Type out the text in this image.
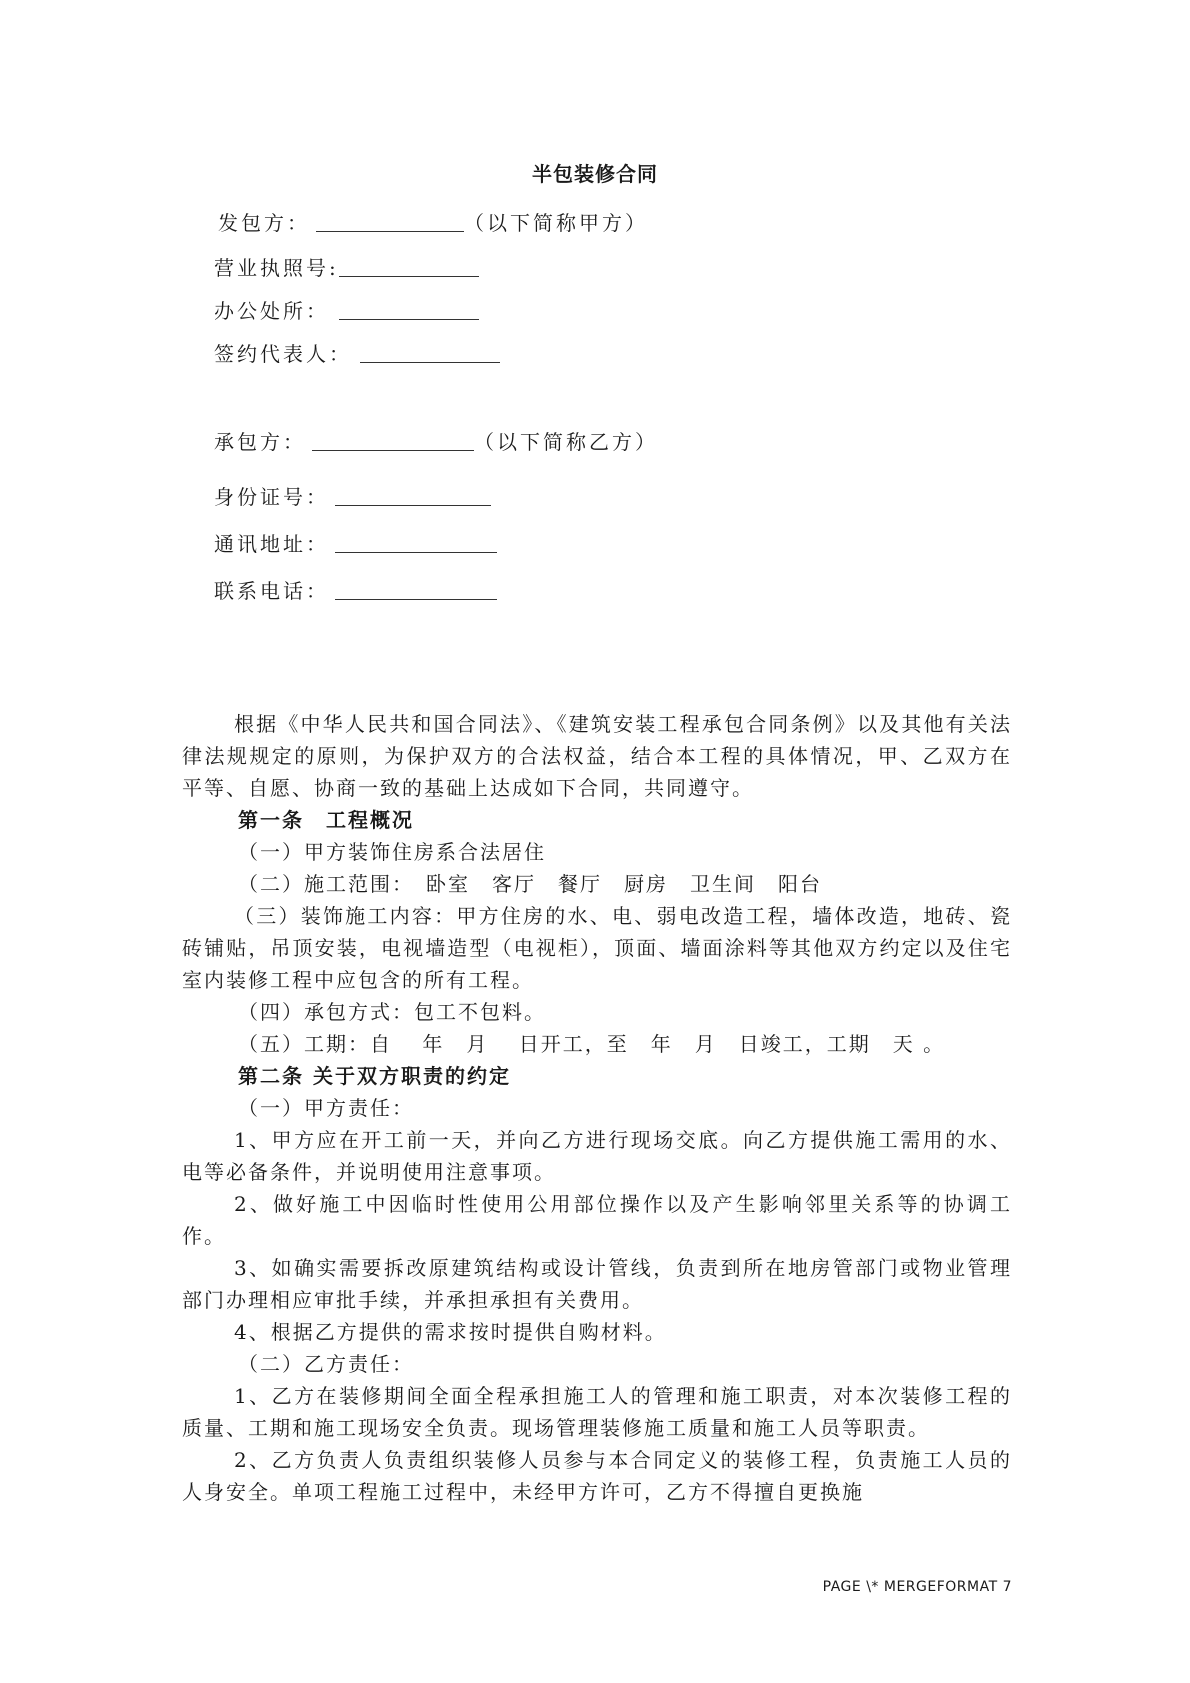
半包装修合同
发包方：	（以下简称甲方）
营业执照号:
办公处所：
签约代表人：
承包方：	（以下简称乙方）
身份证号：
通讯地址：
联系电话：

根据《中华人民共和国合同法》、《建筑安装工程承包合同条例》以及其他有关法律法规规定的原则，为保护双方的合法权益，结合本工程的具体情况，甲、乙双方在平等、自愿、协商一致的基础上达成如下合同，共同遵守。

第一条　工程概况

（一）甲方装饰住房系合法居住

（二）施工范围：　卧室　客厅　餐厅　厨房　卫生间　阳台

（三）装饰施工内容：甲方住房的水、电、弱电改造工程，墙体改造，地砖、瓷砖铺贴，吊顶安装，电视墙造型（电视柜），顶面、墙面涂料等其他双方约定以及住宅室内装修工程中应包含的所有工程。

（四）承包方式：包工不包料。

（五）工期：自　 年　月　 日开工，至　年　月　日竣工，工期　天 。

第二条 关于双方职责的约定

（一）甲方责任：

1、甲方应在开工前一天，并向乙方进行现场交底。向乙方提供施工需用的水、电等必备条件，并说明使用注意事项。

2、做好施工中因临时性使用公用部位操作以及产生影响邻里关系等的协调工作。

3、如确实需要拆改原建筑结构或设计管线，负责到所在地房管部门或物业管理部门办理相应审批手续，并承担承担有关费用。

4、根据乙方提供的需求按时提供自购材料。

（二）乙方责任：

1、乙方在装修期间全面全程承担施工人的管理和施工职责，对本次装修工程的质量、工期和施工现场安全负责。现场管理装修施工质量和施工人员等职责。

2、乙方负责人负责组织装修人员参与本合同定义的装修工程，负责施工人员的人身安全。单项工程施工过程中，未经甲方许可，乙方不得擅自更换施

PAGE \* MERGEFORMAT 7
